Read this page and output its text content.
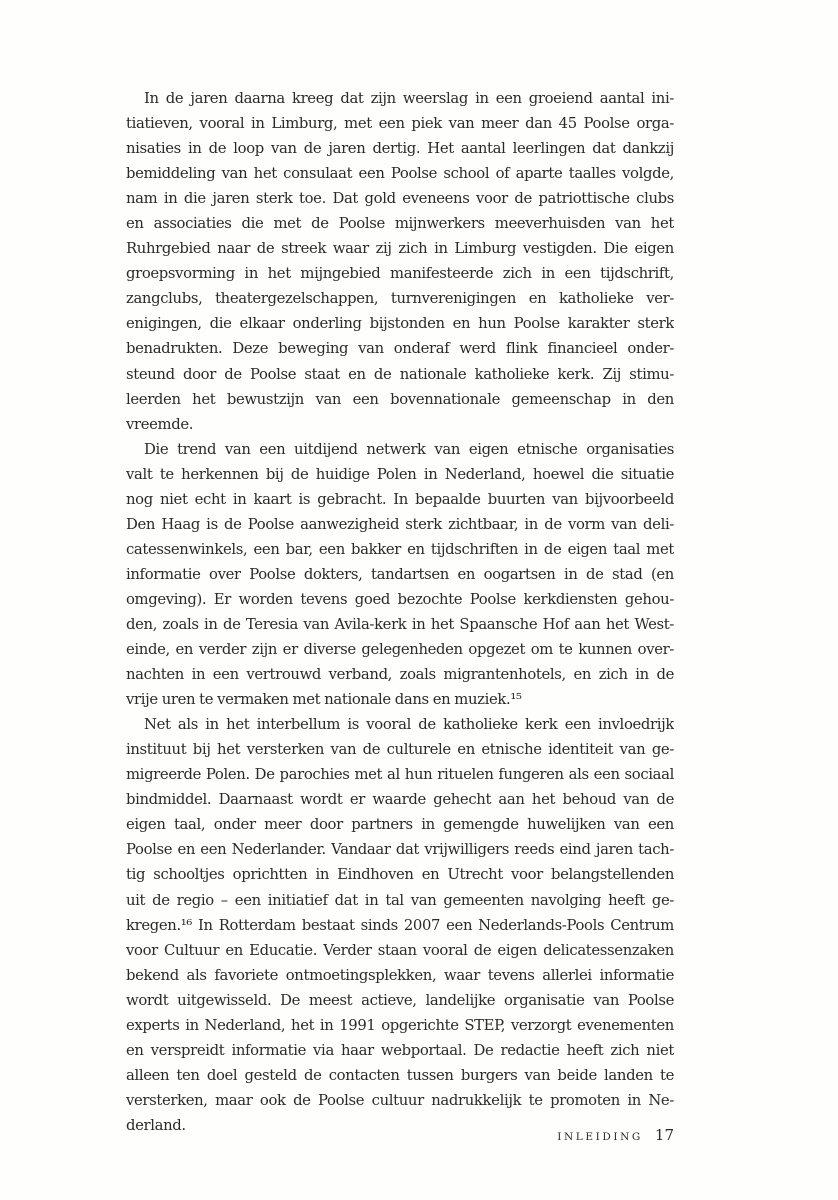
In de jaren daarna kreeg dat zijn weerslag in een groeiend aantal ini-
tiatieven, vooral in Limburg, met een piek van meer dan 45 Poolse orga-
nisaties in de loop van de jaren dertig. Het aantal leerlingen dat dankzij
bemiddeling van het consulaat een Poolse school of aparte taalles volgde,
nam in die jaren sterk toe. Dat gold eveneens voor de patriottische clubs
en associaties die met de Poolse mijnwerkers meeverhuisden van het
Ruhrgebied naar de streek waar zij zich in Limburg vestigden. Die eigen
groepsvorming in het mijngebied manifesteerde zich in een tijdschrift,
zangclubs, theatergezelschappen, turnverenigingen en katholieke ver-
enigingen, die elkaar onderling bijstonden en hun Poolse karakter sterk
benadrukten. Deze beweging van onderaf werd flink financieel onder-
steund door de Poolse staat en de nationale katholieke kerk. Zij stimu-
leerden het bewustzijn van een bovennationale gemeenschap in den
vreemde.
Die trend van een uitdijend netwerk van eigen etnische organisaties
valt te herkennen bij de huidige Polen in Nederland, hoewel die situatie
nog niet echt in kaart is gebracht. In bepaalde buurten van bijvoorbeeld
Den Haag is de Poolse aanwezigheid sterk zichtbaar, in de vorm van deli-
catessenwinkels, een bar, een bakker en tijdschriften in de eigen taal met
informatie over Poolse dokters, tandartsen en oogartsen in de stad (en
omgeving). Er worden tevens goed bezochte Poolse kerkdiensten gehou-
den, zoals in de Teresia van Avila-kerk in het Spaansche Hof aan het West-
einde, en verder zijn er diverse gelegenheden opgezet om te kunnen over-
nachten in een vertrouwd verband, zoals migrantenhotels, en zich in de
vrije uren te vermaken met nationale dans en muziek.¹⁵
Net als in het interbellum is vooral de katholieke kerk een invloedrijk
instituut bij het versterken van de culturele en etnische identiteit van ge-
migreerde Polen. De parochies met al hun rituelen fungeren als een sociaal
bindmiddel. Daarnaast wordt er waarde gehecht aan het behoud van de
eigen taal, onder meer door partners in gemengde huwelijken van een
Poolse en een Nederlander. Vandaar dat vrijwilligers reeds eind jaren tach-
tig schooltjes oprichtten in Eindhoven en Utrecht voor belangstellenden
uit de regio – een initiatief dat in tal van gemeenten navolging heeft ge-
kregen.¹⁶ In Rotterdam bestaat sinds 2007 een Nederlands-Pools Centrum
voor Cultuur en Educatie. Verder staan vooral de eigen delicatessenzaken
bekend als favoriete ontmoetingsplekken, waar tevens allerlei informatie
wordt uitgewisseld. De meest actieve, landelijke organisatie van Poolse
experts in Nederland, het in 1991 opgerichte STEP, verzorgt evenementen
en verspreidt informatie via haar webportaal. De redactie heeft zich niet
alleen ten doel gesteld de contacten tussen burgers van beide landen te
versterken, maar ook de Poolse cultuur nadrukkelijk te promoten in Ne-
derland.
INLEIDING 17
